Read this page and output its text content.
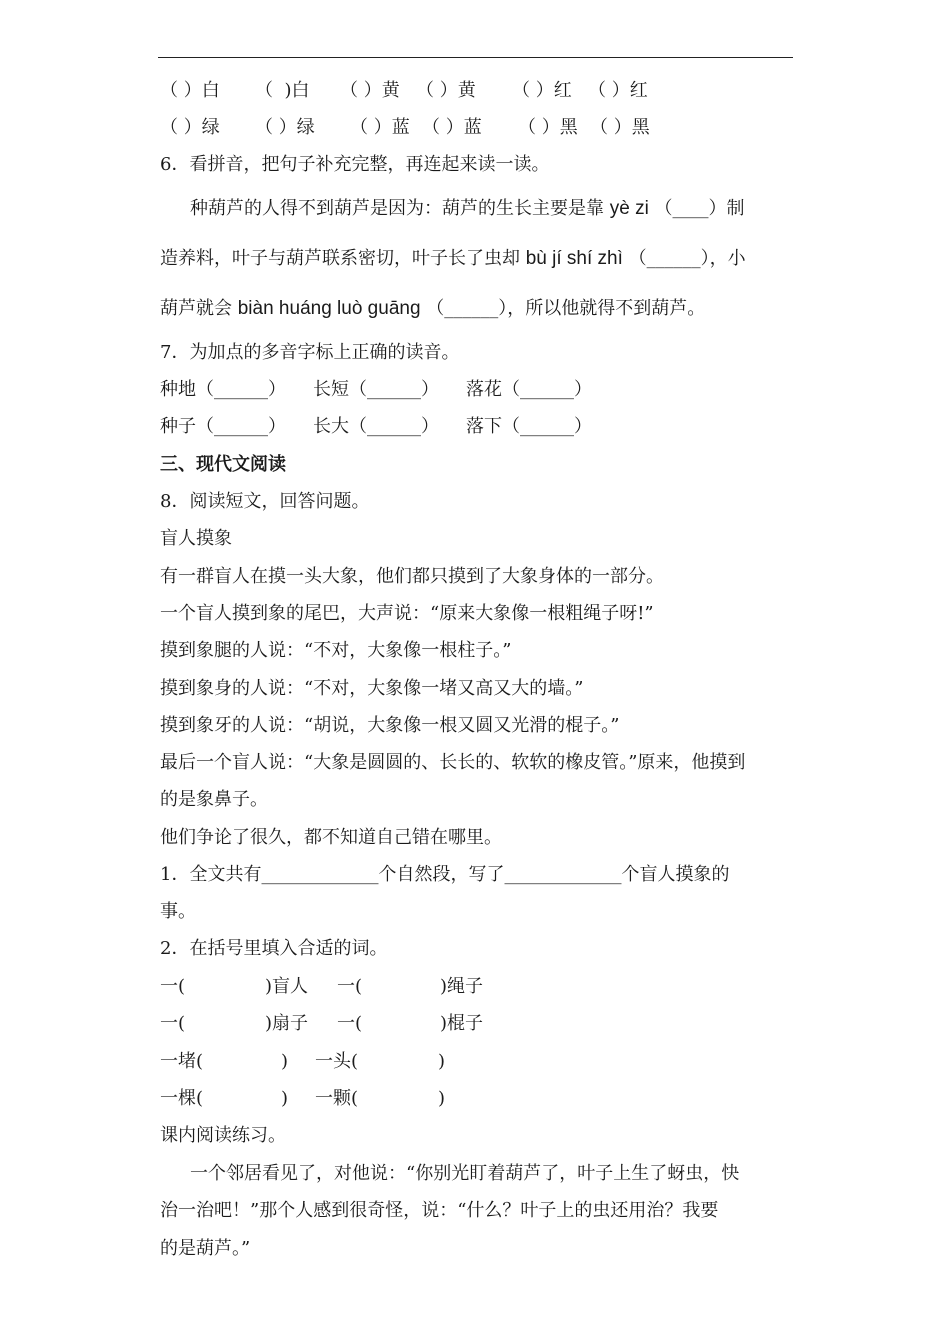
（ ）白 （  )白 （ ）黄 （ ）黄 （ ）红 （ ）红
（ ）绿 （ ）绿 （ ）蓝 （ ）蓝 （ ）黑 （ ）黑
6．看拼音，把句子补充完整，再连起来读一读。
种葫芦的人得不到葫芦是因为：葫芦的生长主要是靠 yè zi （____）制
造养料，叶子与葫芦联系密切，叶子长了虫却 bù jí shí zhì （______），小
葫芦就会 biàn huáng luò guāng （______），所以他就得不到葫芦。
7．为加点的多音字标上正确的读音。
种地（______） 长短（______） 落花（______）
种子（______） 长大（______） 落下（______）
三、现代文阅读
8．阅读短文，回答问题。
盲人摸象
有一群盲人在摸一头大象，他们都只摸到了大象身体的一部分。
一个盲人摸到象的尾巴，大声说：“原来大象像一根粗绳子呀!”
摸到象腿的人说：“不对，大象像一根柱子。”
摸到象身的人说：“不对，大象像一堵又高又大的墙。”
摸到象牙的人说：“胡说，大象像一根又圆又光滑的棍子。”
最后一个盲人说：“大象是圆圆的、长长的、软软的橡皮管。”原来，他摸到
的是象鼻子。
他们争论了很久，都不知道自己错在哪里。
1．全文共有_____________个自然段，写了_____________个盲人摸象的
事。
2．在括号里填入合适的词。
一(	)盲人 一(	)绳子
一(	)扇子 一(	)棍子
一堵(	) 一头(	)
一棵(	) 一颗(	)
课内阅读练习。
一个邻居看见了，对他说：“你别光盯着葫芦了，叶子上生了蚜虫，快
治一治吧！”那个人感到很奇怪，说：“什么？叶子上的虫还用治？我要
的是葫芦。”
